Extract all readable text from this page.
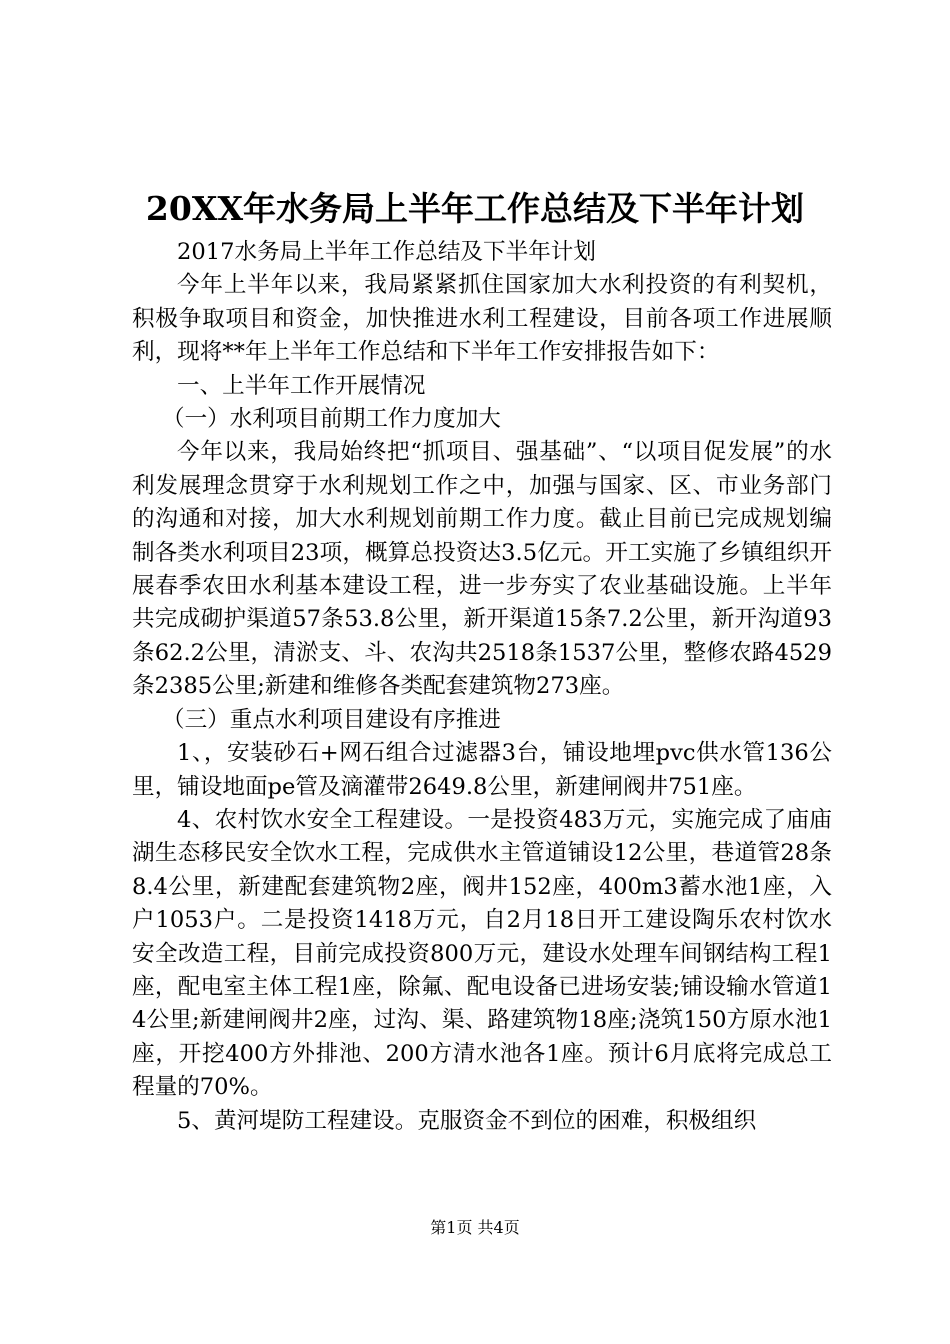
20XX年水务局上半年工作总结及下半年计划

2017水务局上半年工作总结及下半年计划

今年上半年以来，我局紧紧抓住国家加大水利投资的有利契机，积极争取项目和资金，加快推进水利工程建设，目前各项工作进展顺利，现将**年上半年工作总结和下半年工作安排报告如下：

一、上半年工作开展情况

（一）水利项目前期工作力度加大

今年以来，我局始终把“抓项目、强基础”、“以项目促发展”的水利发展理念贯穿于水利规划工作之中，加强与国家、区、市业务部门的沟通和对接，加大水利规划前期工作力度。截止目前已完成规划编制各类水利项目23项，概算总投资达3.5亿元。开工实施了乡镇组织开展春季农田水利基本建设工程，进一步夯实了农业基础设施。上半年共完成砌护渠道57条53.8公里，新开渠道15条7.2公里，新开沟道93条62.2公里，清淤支、斗、农沟共2518条1537公里，整修农路4529条2385公里;新建和维修各类配套建筑物273座。

（三）重点水利项目建设有序推进

1、，安装砂石+网石组合过滤器3台，铺设地埋pvc供水管136公里，铺设地面pe管及滴灌带2649.8公里，新建闸阀井751座。

4、农村饮水安全工程建设。一是投资483万元，实施完成了庙庙湖生态移民安全饮水工程，完成供水主管道铺设12公里，巷道管28条8.4公里，新建配套建筑物2座，阀井152座，400m3蓄水池1座，入户1053户。二是投资1418万元，自2月18日开工建设陶乐农村饮水安全改造工程，目前完成投资800万元，建设水处理车间钢结构工程1座，配电室主体工程1座，除氟、配电设备已进场安装;铺设输水管道14公里;新建闸阀井2座，过沟、渠、路建筑物18座;浇筑150方原水池1座，开挖400方外排池、200方清水池各1座。预计6月底将完成总工程量的70%。

5、黄河堤防工程建设。克服资金不到位的困难，积极组织

第1页 共4页
